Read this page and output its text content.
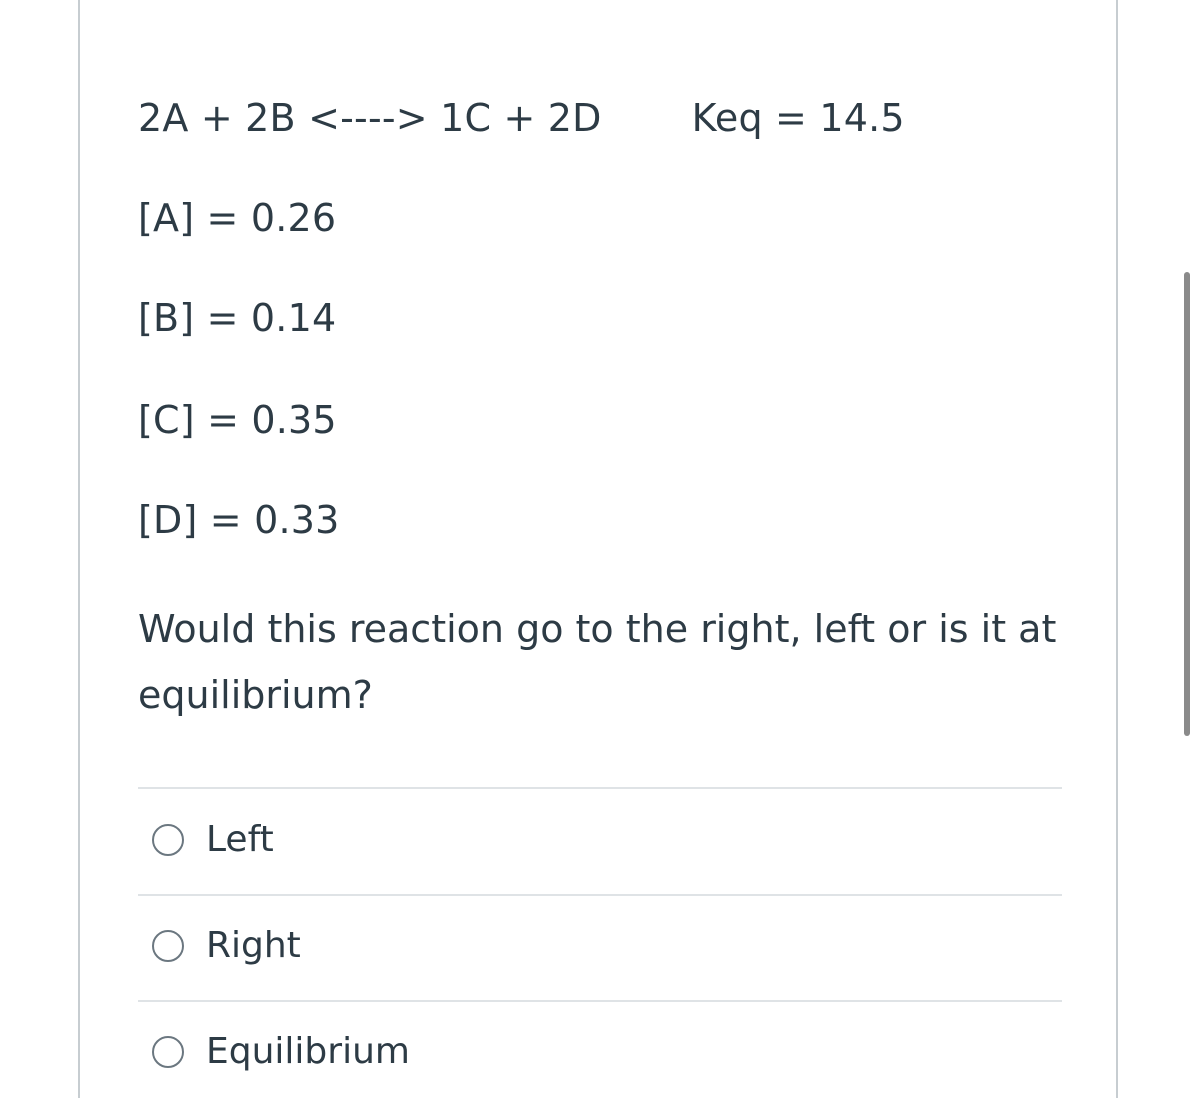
2A + 2B <----> 1C + 2D Keq = 14.5
[A] = 0.26
[B] = 0.14
[C] = 0.35
[D] = 0.33
Would this reaction go to the right, left or is it at equilibrium?
Left
Right
Equilibrium
